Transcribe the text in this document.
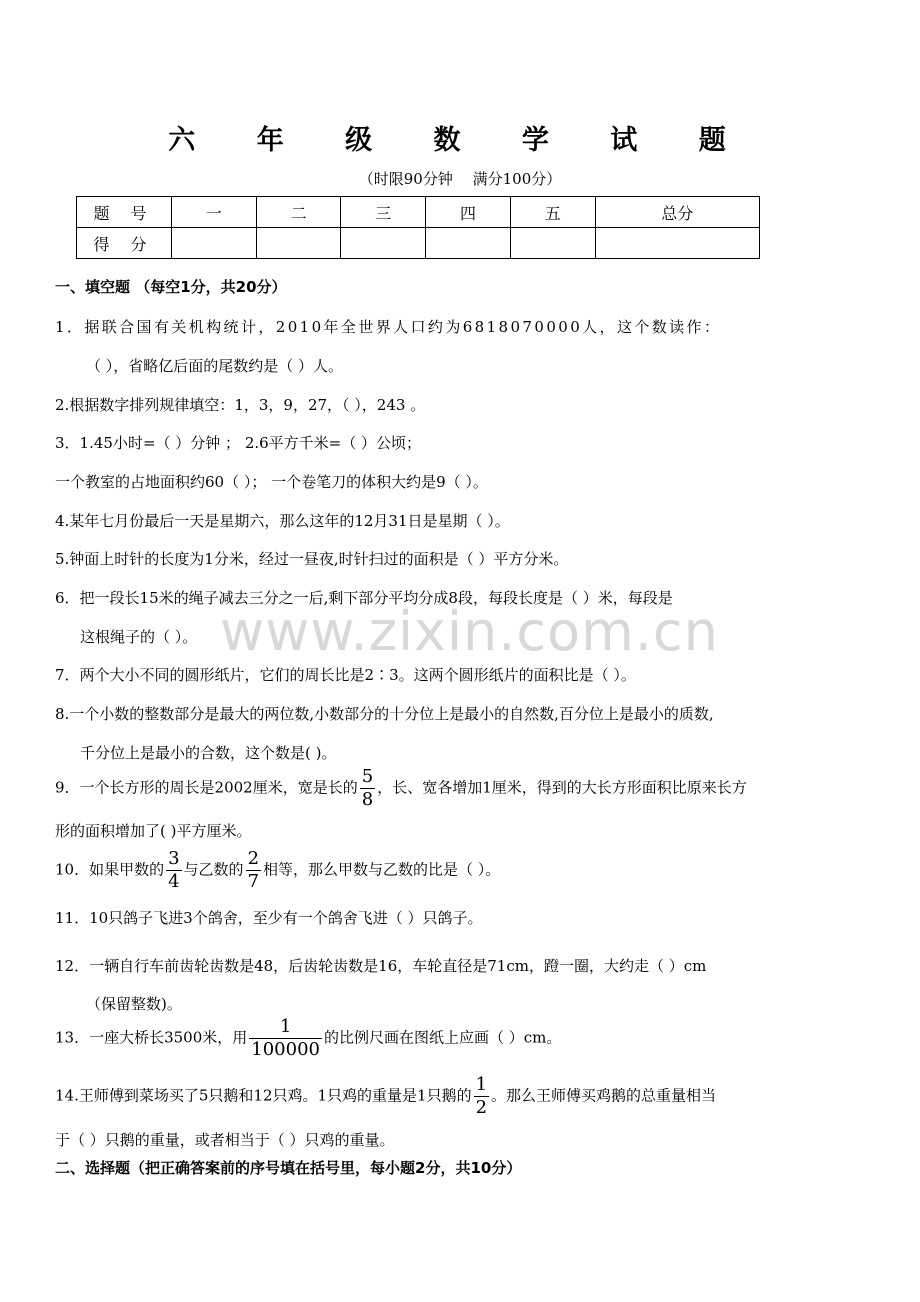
www.zixin.com.cn
六 年 级 数 学 试 题
（时限90分钟　 满分100分）
题 号	一	二	三	四	五	总分
得 分						
一、填空题 （每空1分，共20分）
1．据联合国有关机构统计，2010年全世界人口约为6818070000人，这个数读作：
（ ），省略亿后面的尾数约是（ ）人。
2.根据数字排列规律填空：1，3，9，27，（ ），243 。
3．1.45小时=（ ）分钟 ； 2.6平方千米=（ ）公顷；
一个教室的占地面积约60（ ）； 一个卷笔刀的体积大约是9（ ）。
4.某年七月份最后一天是星期六，那么这年的12月31日是星期（ ）。
5.钟面上时针的长度为1分米，经过一昼夜,时针扫过的面积是（ ）平方分米。
6．把一段长15米的绳子减去三分之一后,剩下部分平均分成8段，每段长度是（ ）米，每段是
这根绳子的（ ）。
7．两个大小不同的圆形纸片，它们的周长比是2∶3。这两个圆形纸片的面积比是（ ）。
8.一个小数的整数部分是最大的两位数,小数部分的十分位上是最小的自然数,百分位上是最小的质数,
千分位上是最小的合数，这个数是( )。
9．一个长方形的周长是2002厘米，宽是长的 $\frac{5}{8}$ ，长、宽各增加1厘米，得到的大长方形面积比原来长方
形的面积增加了( )平方厘米。
10．如果甲数的 $\frac{3}{4}$ 与乙数的 $\frac{2}{7}$ 相等，那么甲数与乙数的比是（ ）。
11．10只鸽子飞进3个鸽舍，至少有一个鸽舍飞进（ ）只鸽子。
12．一辆自行车前齿轮齿数是48，后齿轮齿数是16，车轮直径是71cm，蹬一圈，大约走（ ）cm
（保留整数)。
13．一座大桥长3500米，用 $\frac{1}{100000}$ 的比例尺画在图纸上应画（ ）cm。
14.王师傅到菜场买了5只鹅和12只鸡。1只鸡的重量是1只鹅的 $\frac{1}{2}$ 。那么王师傅买鸡鹅的总重量相当
于（ ）只鹅的重量，或者相当于（ ）只鸡的重量。
二、选择题（把正确答案前的序号填在括号里，每小题2分，共10分）
